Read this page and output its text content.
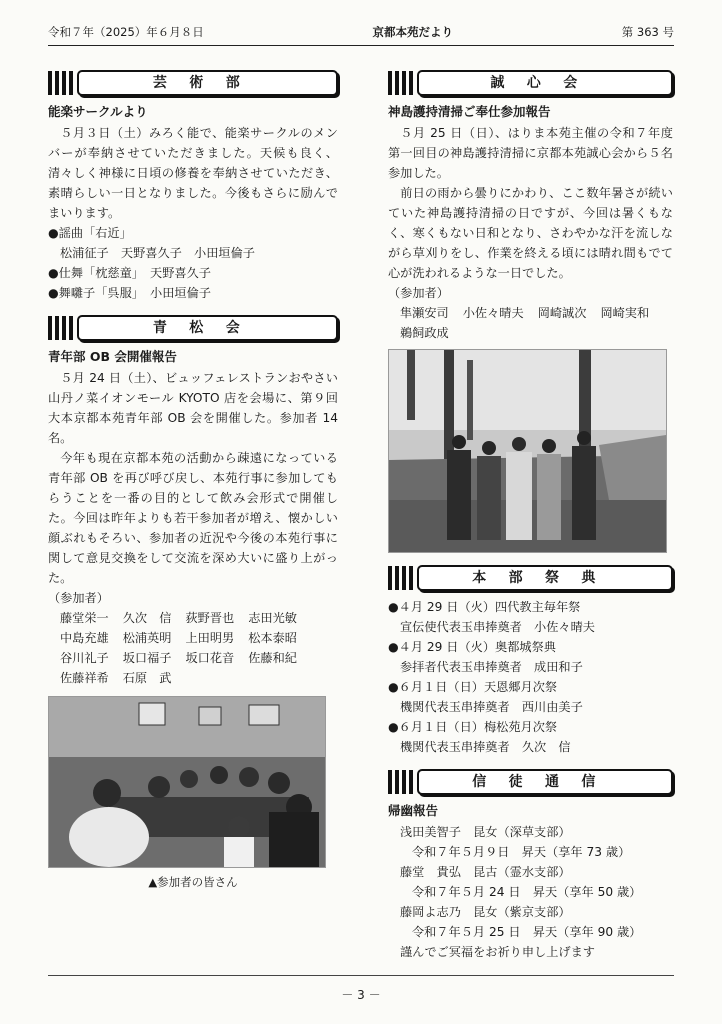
令和７年（2025）年６月８日	京都本苑だより	第 363 号
芸術部
能楽サークルより

５月３日（土）みろく能で、能楽サークルのメンバーが奉納させていただきました。天候も良く、清々しく神様に日頃の修養を奉納させていただき、素晴らしい一日となりました。今後もさらに励んでまいります。

●謡曲「右近」
松浦征子　天野喜久子　小田垣倫子
●仕舞「枕慈童」　 天野喜久子
●舞囃子「呉服」　 小田垣倫子
青松会
青年部 OB 会開催報告

５月 24 日（土）、ビュッフェレストランおやさい山丹ノ菜イオンモール KYOTO 店を会場に、第９回大本京都本苑青年部 OB 会を開催した。参加者 14 名。

今年も現在京都本苑の活動から疎遠になっている青年部 OB を再び呼び戻し、本苑行事に参加してもらうことを一番の目的として飲み会形式で開催した。今回は昨年よりも若干参加者が増え、懐かしい顔ぶれもそろい、参加者の近況や今後の本苑行事に関して意見交換をして交流を深め大いに盛り上がった。

（参加者）
藤堂栄一 久次　信 荻野晋也 志田光敏
中島充雄 松浦英明 上田明男 松本泰昭
谷川礼子 坂口福子 坂口花音 佐藤和紀
佐藤祥希 石原　武
▲参加者の皆さん
誠心会
神島護持清掃ご奉仕参加報告

５月 25 日（日）、はりま本苑主催の令和７年度第一回目の神島護持清掃に京都本苑誠心会から５名参加した。

前日の雨から曇りにかわり、ここ数年暑さが続いていた神島護持清掃の日ですが、今回は暑くもなく、寒くもない日和となり、さわやかな汗を流しながら草刈りをし、作業を終える頃には晴れ間もでて心が洗われるような一日でした。

（参加者）
隼瀬安司 小佐々晴夫 岡崎誠次 岡崎実和
鵜飼政成
本部祭典
●４月 29 日（火）四代教主毎年祭
宣伝使代表玉串捧奠者　小佐々晴夫
●４月 29 日（火）奥都城祭典
参拝者代表玉串捧奠者　成田和子
●６月１日（日）天恩郷月次祭
機関代表玉串捧奠者　西川由美子
●６月１日（日）梅松苑月次祭
機関代表玉串捧奠者　久次　信
信徒通信
帰幽報告
浅田美智子　昆女（深草支部）
令和７年５月９日　昇天（享年 73 歳）
藤堂　貴弘　昆古（霊水支部）
令和７年５月 24 日　昇天（享年 50 歳）
藤岡よ志乃　昆女（紫京支部）
令和７年５月 25 日　昇天（享年 90 歳）
謹んでご冥福をお祈り申し上げます
－ 3 －
